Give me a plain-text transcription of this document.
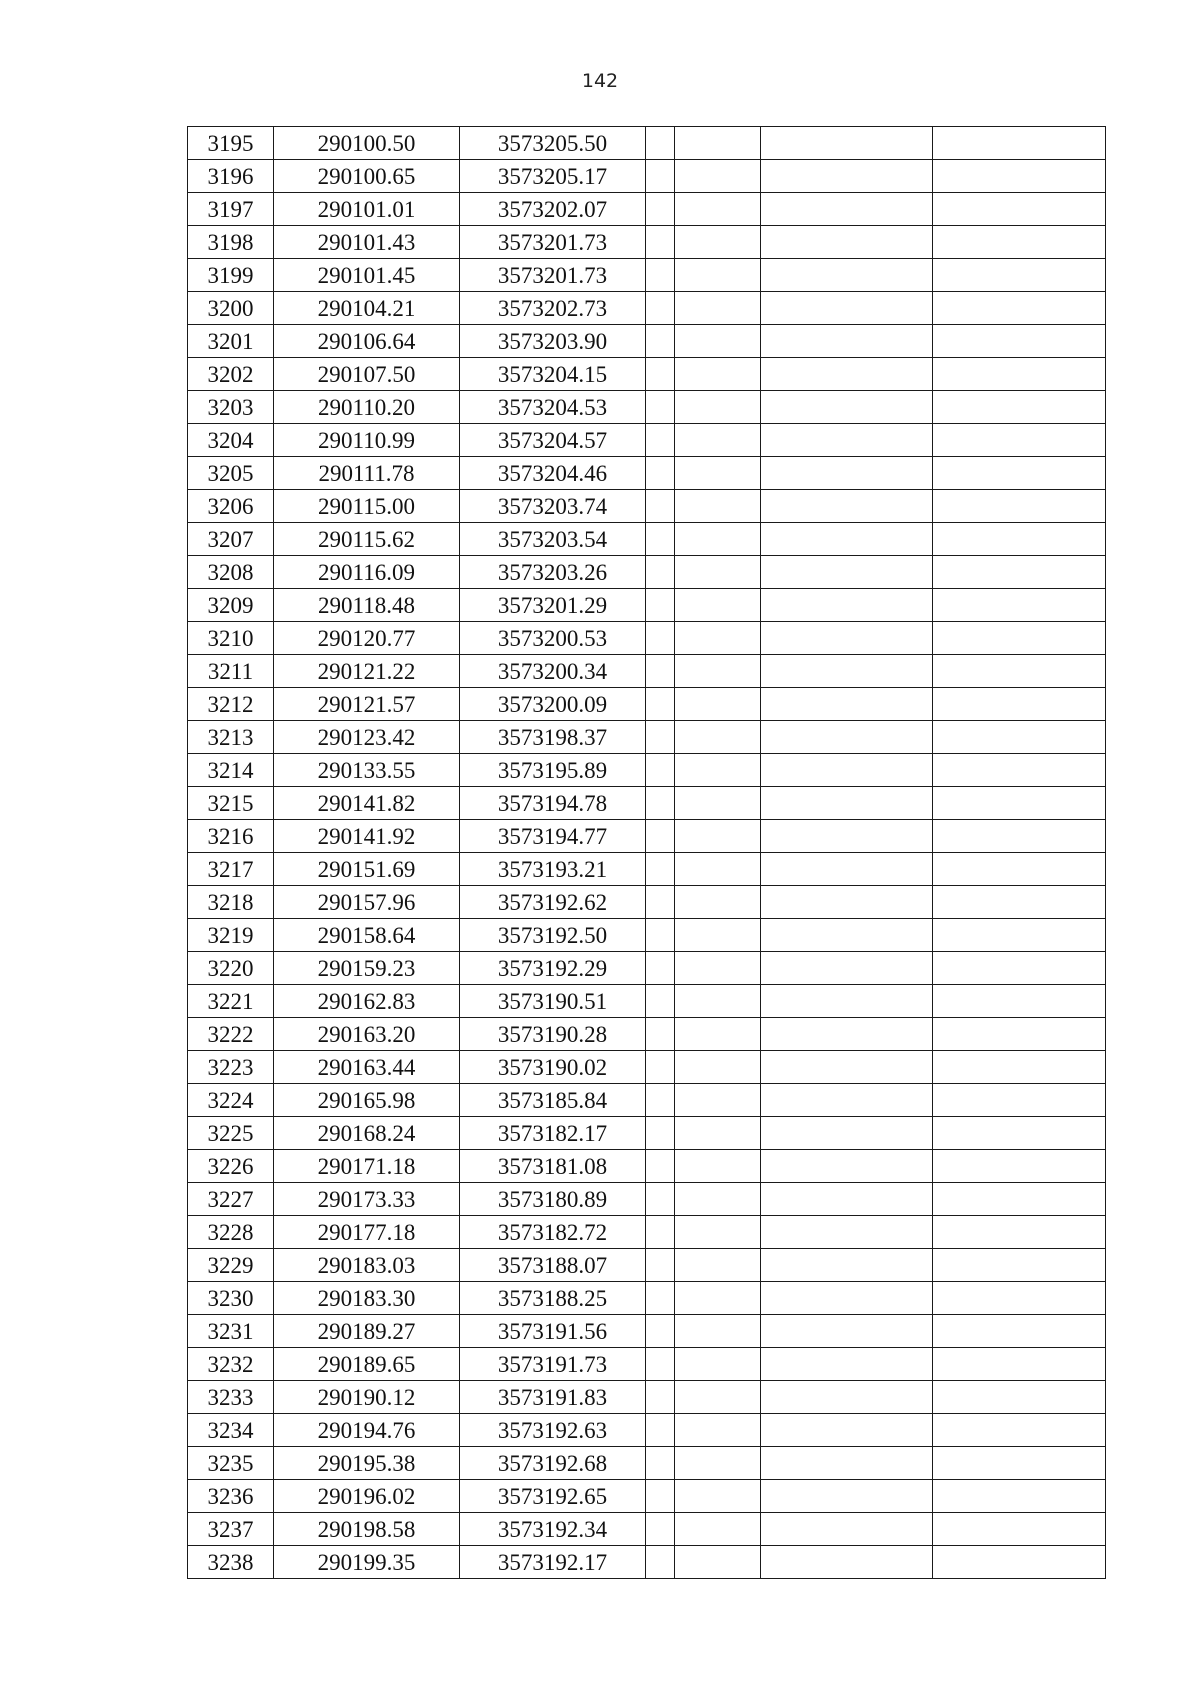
142
3195	290100.50	3573205.50				
3196	290100.65	3573205.17				
3197	290101.01	3573202.07				
3198	290101.43	3573201.73				
3199	290101.45	3573201.73				
3200	290104.21	3573202.73				
3201	290106.64	3573203.90				
3202	290107.50	3573204.15				
3203	290110.20	3573204.53				
3204	290110.99	3573204.57				
3205	290111.78	3573204.46				
3206	290115.00	3573203.74				
3207	290115.62	3573203.54				
3208	290116.09	3573203.26				
3209	290118.48	3573201.29				
3210	290120.77	3573200.53				
3211	290121.22	3573200.34				
3212	290121.57	3573200.09				
3213	290123.42	3573198.37				
3214	290133.55	3573195.89				
3215	290141.82	3573194.78				
3216	290141.92	3573194.77				
3217	290151.69	3573193.21				
3218	290157.96	3573192.62				
3219	290158.64	3573192.50				
3220	290159.23	3573192.29				
3221	290162.83	3573190.51				
3222	290163.20	3573190.28				
3223	290163.44	3573190.02				
3224	290165.98	3573185.84				
3225	290168.24	3573182.17				
3226	290171.18	3573181.08				
3227	290173.33	3573180.89				
3228	290177.18	3573182.72				
3229	290183.03	3573188.07				
3230	290183.30	3573188.25				
3231	290189.27	3573191.56				
3232	290189.65	3573191.73				
3233	290190.12	3573191.83				
3234	290194.76	3573192.63				
3235	290195.38	3573192.68				
3236	290196.02	3573192.65				
3237	290198.58	3573192.34				
3238	290199.35	3573192.17				
